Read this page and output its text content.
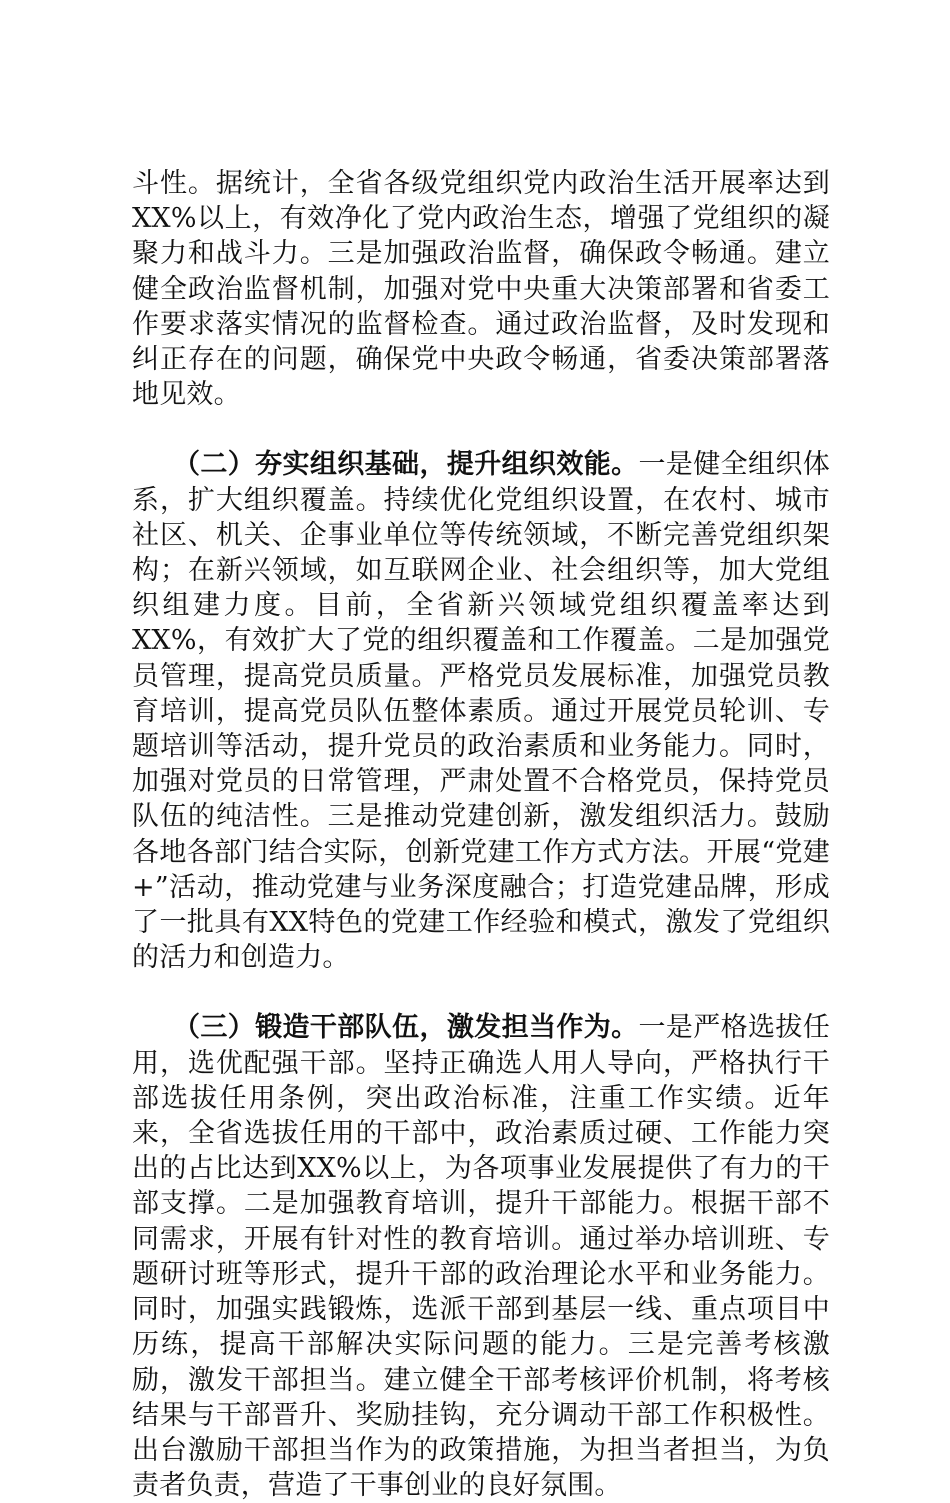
斗性。据统计，全省各级党组织党内政治生活开展率达到XX%以上，有效净化了党内政治生态，增强了党组织的凝聚力和战斗力。三是加强政治监督，确保政令畅通。建立健全政治监督机制，加强对党中央重大决策部署和省委工作要求落实情况的监督检查。通过政治监督，及时发现和纠正存在的问题，确保党中央政令畅通，省委决策部署落地见效。

（二）夯实组织基础，提升组织效能。一是健全组织体系，扩大组织覆盖。持续优化党组织设置，在农村、城市社区、机关、企事业单位等传统领域，不断完善党组织架构；在新兴领域，如互联网企业、社会组织等，加大党组织组建力度。目前，全省新兴领域党组织覆盖率达到XX%，有效扩大了党的组织覆盖和工作覆盖。二是加强党员管理，提高党员质量。严格党员发展标准，加强党员教育培训，提高党员队伍整体素质。通过开展党员轮训、专题培训等活动，提升党员的政治素质和业务能力。同时，加强对党员的日常管理，严肃处置不合格党员，保持党员队伍的纯洁性。三是推动党建创新，激发组织活力。鼓励各地各部门结合实际，创新党建工作方式方法。开展“党建+”活动，推动党建与业务深度融合；打造党建品牌，形成了一批具有XX特色的党建工作经验和模式，激发了党组织的活力和创造力。

（三）锻造干部队伍，激发担当作为。一是严格选拔任用，选优配强干部。坚持正确选人用人导向，严格执行干部选拔任用条例，突出政治标准，注重工作实绩。近年来，全省选拔任用的干部中，政治素质过硬、工作能力突出的占比达到XX%以上，为各项事业发展提供了有力的干部支撑。二是加强教育培训，提升干部能力。根据干部不同需求，开展有针对性的教育培训。通过举办培训班、专题研讨班等形式，提升干部的政治理论水平和业务能力。同时，加强实践锻炼，选派干部到基层一线、重点项目中历练，提高干部解决实际问题的能力。三是完善考核激励，激发干部担当。建立健全干部考核评价机制，将考核结果与干部晋升、奖励挂钩，充分调动干部工作积极性。出台激励干部担当作为的政策措施，为担当者担当，为负责者负责，营造了干事创业的良好氛围。
